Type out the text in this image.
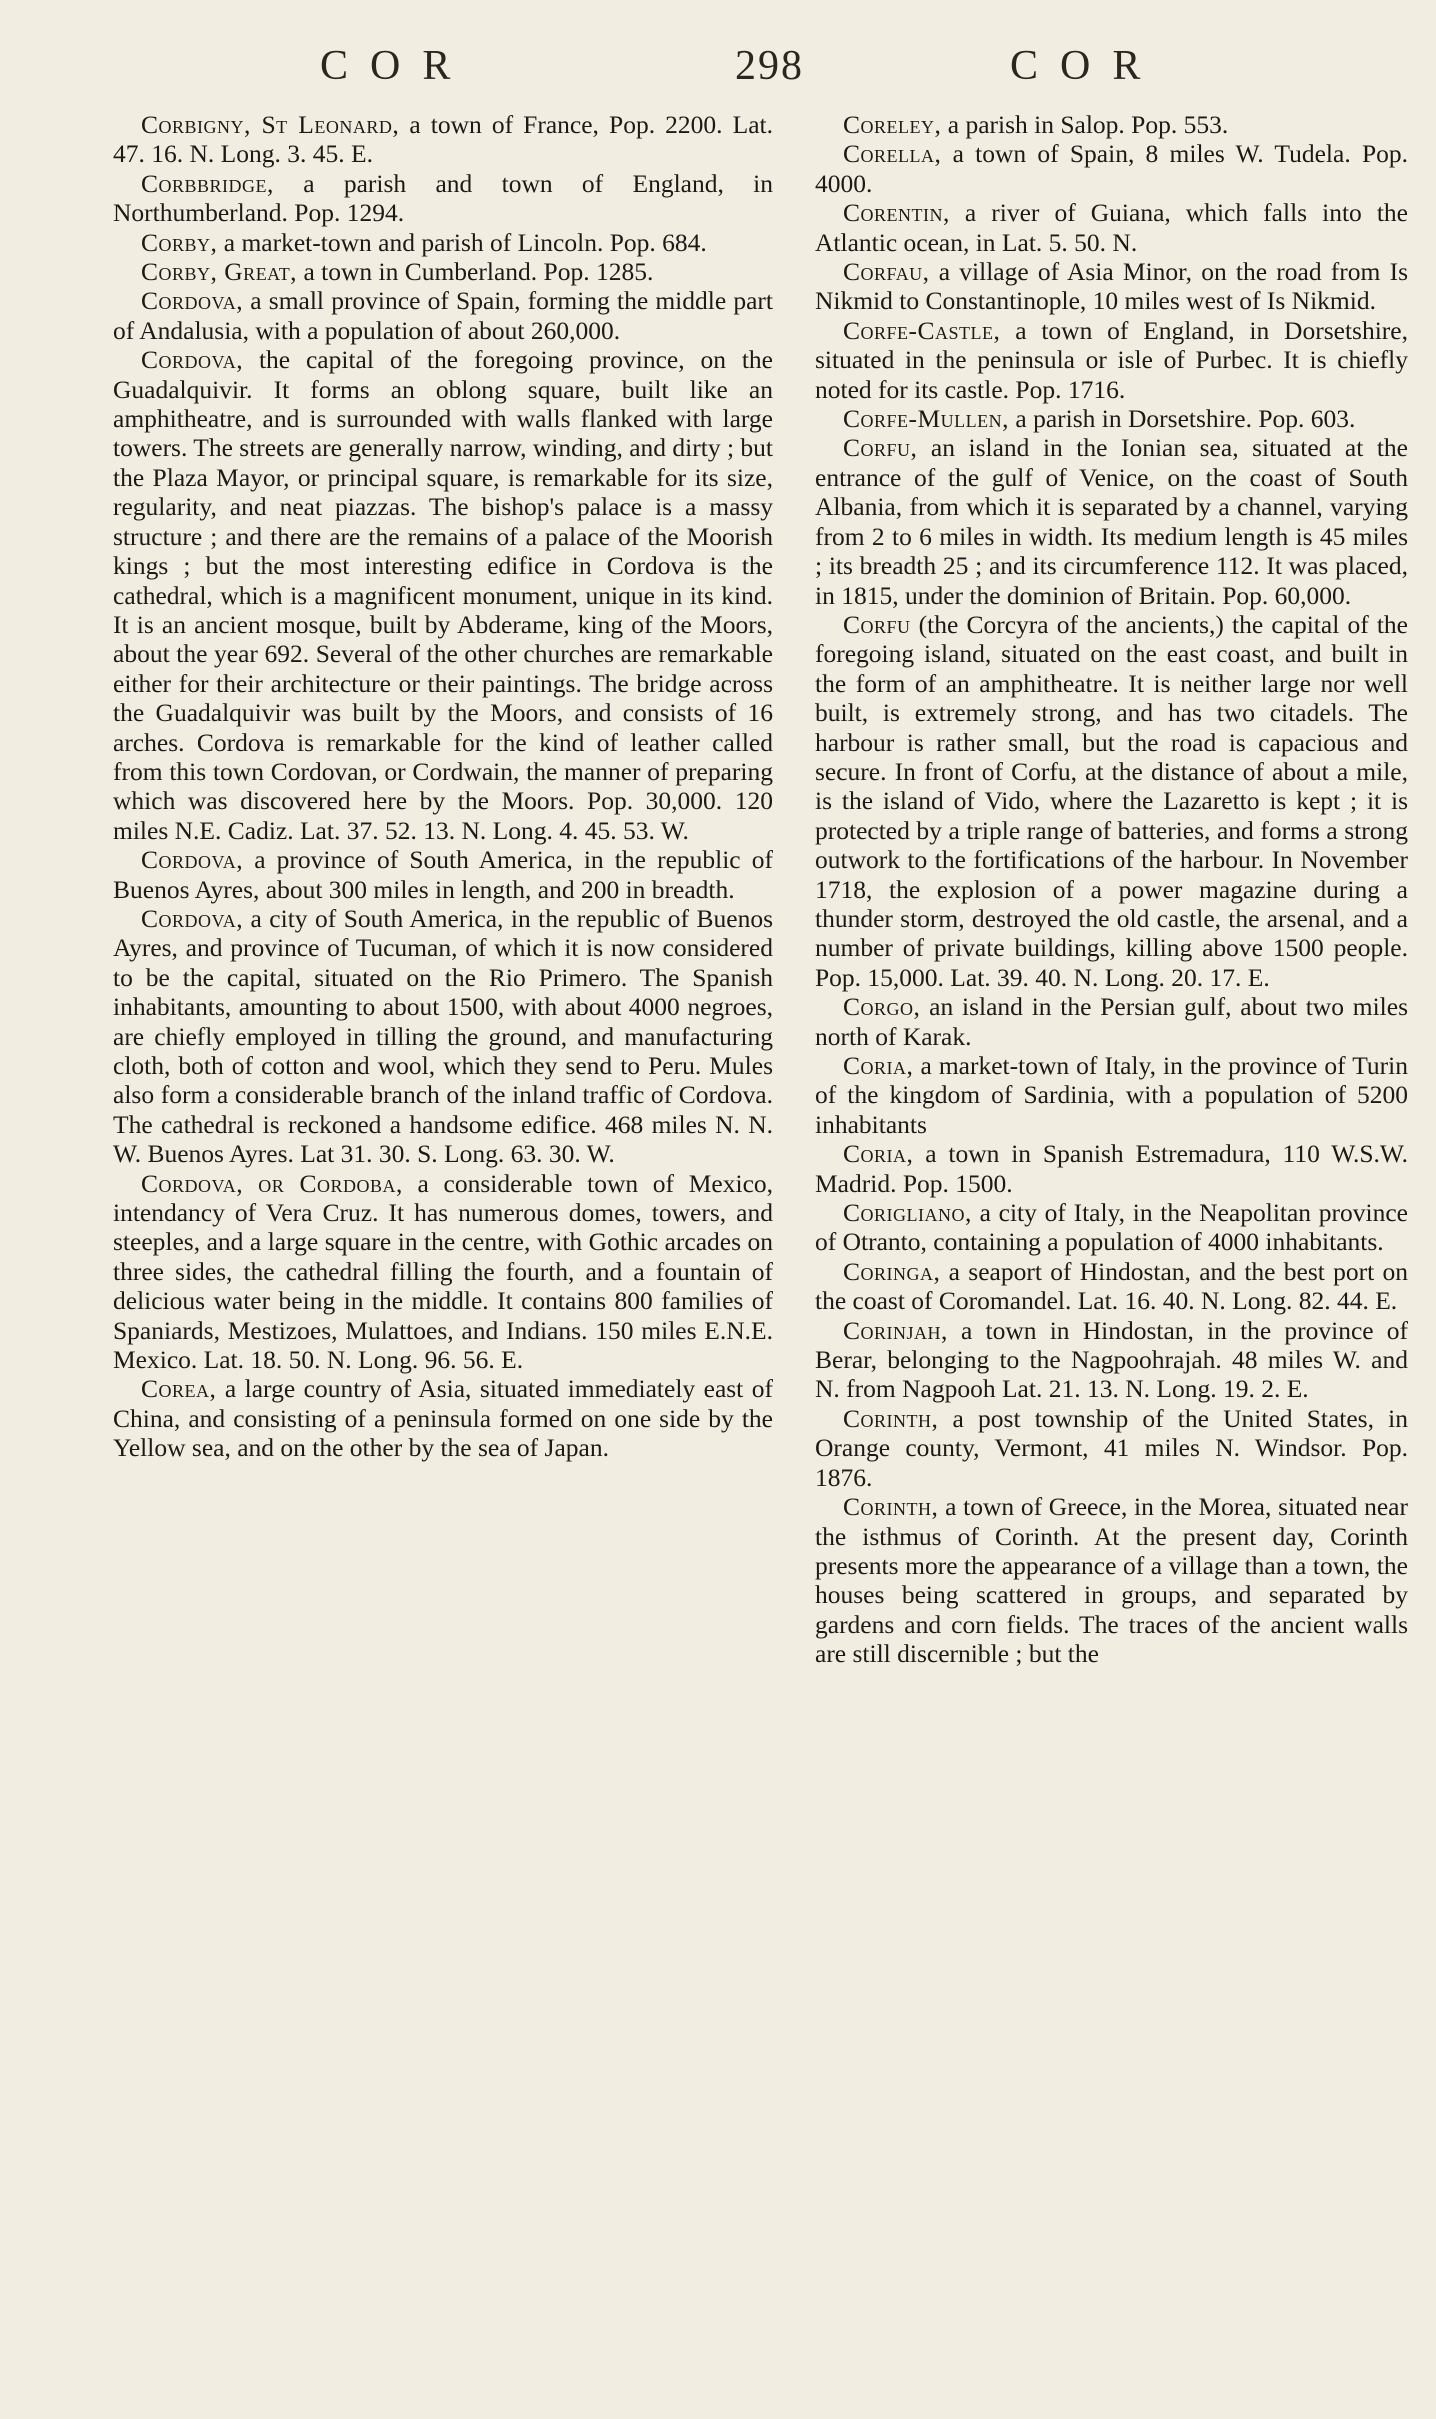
COR	298	COR

Corbigny, St Leonard, a town of France, Pop. 2200. Lat. 47. 16. N. Long. 3. 45. E.

Corbbridge, a parish and town of England, in Northumberland. Pop. 1294.

Corby, a market-town and parish of Lincoln. Pop. 684.

Corby, Great, a town in Cumberland. Pop. 1285.

Cordova, a small province of Spain, forming the middle part of Andalusia, with a population of about 260,000.

Cordova, the capital of the foregoing province, on the Guadalquivir. It forms an oblong square, built like an amphitheatre, and is surrounded with walls flanked with large towers. The streets are generally narrow, winding, and dirty ; but the Plaza Mayor, or principal square, is remarkable for its size, regularity, and neat piazzas. The bishop's palace is a massy structure ; and there are the remains of a palace of the Moorish kings ; but the most interesting edifice in Cordova is the cathedral, which is a magnificent monument, unique in its kind. It is an ancient mosque, built by Abderame, king of the Moors, about the year 692. Several of the other churches are remarkable either for their architecture or their paintings. The bridge across the Guadalquivir was built by the Moors, and consists of 16 arches. Cordova is remarkable for the kind of leather called from this town Cordovan, or Cordwain, the manner of preparing which was discovered here by the Moors. Pop. 30,000. 120 miles N.E. Cadiz. Lat. 37. 52. 13. N. Long. 4. 45. 53. W.

Cordova, a province of South America, in the republic of Buenos Ayres, about 300 miles in length, and 200 in breadth.

Cordova, a city of South America, in the republic of Buenos Ayres, and province of Tucuman, of which it is now considered to be the capital, situated on the Rio Primero. The Spanish inhabitants, amounting to about 1500, with about 4000 negroes, are chiefly employed in tilling the ground, and manufacturing cloth, both of cotton and wool, which they send to Peru. Mules also form a considerable branch of the inland traffic of Cordova. The cathedral is reckoned a handsome edifice. 468 miles N. N. W. Buenos Ayres. Lat 31. 30. S. Long. 63. 30. W.

Cordova, or Cordoba, a considerable town of Mexico, intendancy of Vera Cruz. It has numerous domes, towers, and steeples, and a large square in the centre, with Gothic arcades on three sides, the cathedral filling the fourth, and a fountain of delicious water being in the middle. It contains 800 families of Spaniards, Mestizoes, Mulattoes, and Indians. 150 miles E.N.E. Mexico. Lat. 18. 50. N. Long. 96. 56. E.

Corea, a large country of Asia, situated immediately east of China, and consisting of a peninsula formed on one side by the Yellow sea, and on the other by the sea of Japan.

Coreley, a parish in Salop. Pop. 553.

Corella, a town of Spain, 8 miles W. Tudela. Pop. 4000.

Corentin, a river of Guiana, which falls into the Atlantic ocean, in Lat. 5. 50. N.

Corfau, a village of Asia Minor, on the road from Is Nikmid to Constantinople, 10 miles west of Is Nikmid.

Corfe-Castle, a town of England, in Dorsetshire, situated in the peninsula or isle of Purbec. It is chiefly noted for its castle. Pop. 1716.

Corfe-Mullen, a parish in Dorsetshire. Pop. 603.

Corfu, an island in the Ionian sea, situated at the entrance of the gulf of Venice, on the coast of South Albania, from which it is separated by a channel, varying from 2 to 6 miles in width. Its medium length is 45 miles ; its breadth 25 ; and its circumference 112. It was placed, in 1815, under the dominion of Britain. Pop. 60,000.

Corfu (the Corcyra of the ancients,) the capital of the foregoing island, situated on the east coast, and built in the form of an amphitheatre. It is neither large nor well built, is extremely strong, and has two citadels. The harbour is rather small, but the road is capacious and secure. In front of Corfu, at the distance of about a mile, is the island of Vido, where the Lazaretto is kept ; it is protected by a triple range of batteries, and forms a strong outwork to the fortifications of the harbour. In November 1718, the explosion of a power magazine during a thunder storm, destroyed the old castle, the arsenal, and a number of private buildings, killing above 1500 people. Pop. 15,000. Lat. 39. 40. N. Long. 20. 17. E.

Corgo, an island in the Persian gulf, about two miles north of Karak.

Coria, a market-town of Italy, in the province of Turin of the kingdom of Sardinia, with a population of 5200 inhabitants

Coria, a town in Spanish Estremadura, 110 W.S.W. Madrid. Pop. 1500.

Corigliano, a city of Italy, in the Neapolitan province of Otranto, containing a population of 4000 inhabitants.

Coringa, a seaport of Hindostan, and the best port on the coast of Coromandel. Lat. 16. 40. N. Long. 82. 44. E.

Corinjah, a town in Hindostan, in the province of Berar, belonging to the Nagpoohrajah. 48 miles W. and N. from Nagpooh Lat. 21. 13. N. Long. 19. 2. E.

Corinth, a post township of the United States, in Orange county, Vermont, 41 miles N. Windsor. Pop. 1876.

Corinth, a town of Greece, in the Morea, situated near the isthmus of Corinth. At the present day, Corinth presents more the appearance of a village than a town, the houses being scattered in groups, and separated by gardens and corn fields. The traces of the ancient walls are still discernible ; but the
